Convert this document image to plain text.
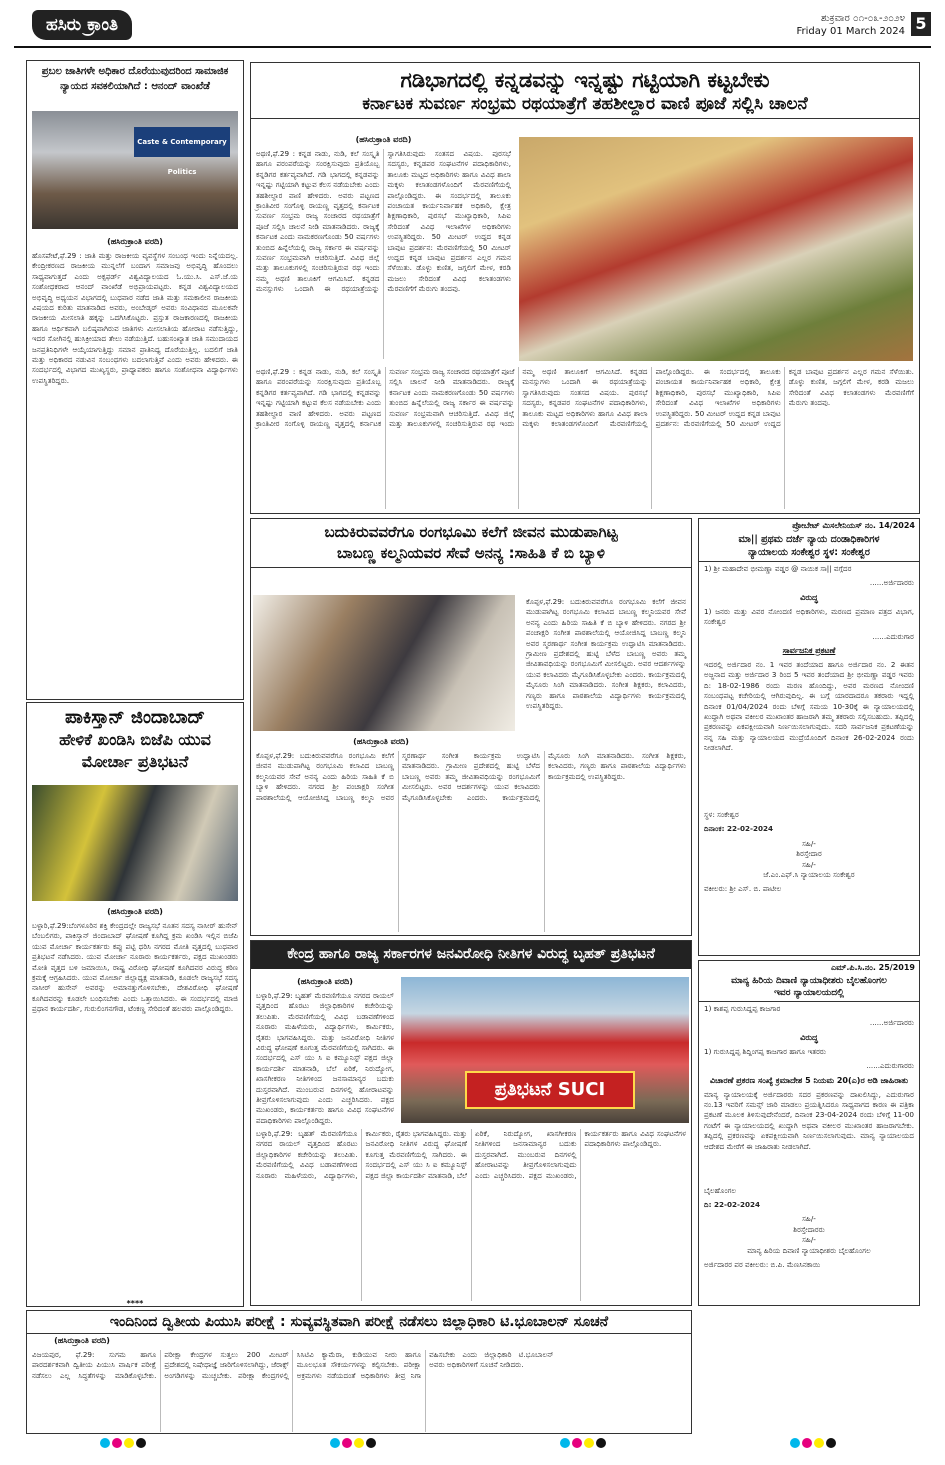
ಹಸಿರು ಕ್ರಾಂತಿ	ಶುಕ್ರವಾರ ೦೧-೦೩-೨೦೨೪
Friday 01 March 2024 5
ಪ್ರಬಲ ಜಾತಿಗಳೇ ಅಧಿಕಾರ ದೊರೆಯುವುದರಿಂದ ಸಾಮಾಜಿಕ ನ್ಯಾಯದ ಸವಕಲಿಯಾಗಿದೆ : ಆನಂದ್ ವಾಂಖೆಡೆ
Caste & Contemporary Politics
(ಹಸಿರುಕ್ರಾಂತಿ ವರದಿ)
ಹೊಸಪೇಟೆ,ಫೆ.29 : ಜಾತಿ ಮತ್ತು ರಾಜಕೀಯ ವ್ಯವಸ್ಥೆಗಳ ಸಂಬಂಧ ಇಂದು ನಿನ್ನೆಯದಲ್ಲ. ಕೇಂದ್ರೀಕರಣದ ರಾಜಕೀಯ ಮುನ್ನಲೆಗೆ ಬಂದಾಗ ಸಮಾಜವು ಅಭಿವೃದ್ಧಿ ಹೊಂದಲು ಸಾಧ್ಯವಾಗುತ್ತದೆ ಎಂದು ಅಕ್ಸಫರ್ಡ್ ವಿಶ್ವವಿದ್ಯಾಲಯದ ಓ.ಯು.ಸಿ. ಎಸ್.ಜೆ.ಯ ಸಂಶೋಧಕರಾದ ಆನಂದ್ ವಾಂಖೆಡೆ ಅಭಿಪ್ರಾಯಪಟ್ಟರು. ಕನ್ನಡ ವಿಶ್ವವಿದ್ಯಾಲಯದ ಅಭಿವೃದ್ಧಿ ಅಧ್ಯಯನ ವಿಭಾಗದಲ್ಲಿ ಬುಧವಾರ ನಡೆದ ಜಾತಿ ಮತ್ತು ಸಮಕಾಲೀನ ರಾಜಕೀಯ ವಿಷಯದ ಕುರಿತು ಮಾತನಾಡಿದ ಅವರು, ಅಂಬೇಡ್ಕರ್ ಅವರು ಸಂವಿಧಾನದ ಮೂಲಕವೇ ರಾಜಕೀಯ ಮೀಸಲಾತಿ ಹಕ್ಕನ್ನು ಒದಗಿಸಿಕೊಟ್ಟರು. ಪ್ರಸ್ತುತ ರಾಜಕಾರಣದಲ್ಲಿ ರಾಜಕೀಯ ಹಾಗೂ ಆರ್ಥಿಕವಾಗಿ ಬಲಿಷ್ಠವಾಗಿರುವ ಜಾತಿಗಳು ಮೀಸಲಾತಿಯ ಹೋರಾಟ ನಡೆಸುತ್ತಿದ್ದು, ಇದರ ಸೋಗಿನಲ್ಲಿ ಹುಸಿಕ್ರೀಯಾದ ತೇಲು ನಡೆಯುತ್ತಿದೆ. ಬಹುಸಂಖ್ಯಾತ ಜಾತಿ ಸಮುದಾಯದ ಜನಪ್ರತಿನಿಧಿಗಳೇ ಆಯ್ಕೆಯಾಗುತ್ತಿದ್ದು ಸಮಾನ ಪ್ರಾತಿನಿಧ್ಯ ದೊರೆಯುತ್ತಿಲ್ಲ. ಬದಲಿಗೆ ಜಾತಿ ಮತ್ತು ಅಧಿಕಾರದ ನಡುವಿನ ಸಂಬಂಧಗಳು ಬದಲಾಗುತ್ತಿವೆ ಎಂದು ಅವರು ಹೇಳಿದರು. ಈ ಸಂದರ್ಭದಲ್ಲಿ ವಿಭಾಗದ ಮುಖ್ಯಸ್ಥರು, ಪ್ರಾಧ್ಯಾಪಕರು ಹಾಗೂ ಸಂಶೋಧನಾ ವಿದ್ಯಾರ್ಥಿಗಳು ಉಪಸ್ಥಿತರಿದ್ದರು.
ಪಾಕಿಸ್ತಾನ್ ಜಿಂದಾಬಾದ್
ಹೇಳಿಕೆ ಖಂಡಿಸಿ ಬಿಜೆಪಿ ಯುವ
ಮೋರ್ಚಾ ಪ್ರತಿಭಟನೆ
(ಹಸಿರುಕ್ರಾಂತಿ ವರದಿ)
ಬಳ್ಳಾರಿ,ಫೆ.29:ಬೆಂಗಳೂರಿನ ಶಕ್ತಿ ಕೇಂದ್ರದಲ್ಲೇ ರಾಜ್ಯಸಭೆ ನೂತನ ಸದಸ್ಯ ನಾಸೀರ್ ಹುಸೇನ್ ಬೆಂಬಲಿಗರು, ಪಾಕಿಸ್ತಾನ್ ಜಿಂದಾಬಾದ್ ಘೋಷಣೆ ಕೂಗಿದ್ದ ಕ್ರಮ ಖಂಡಿಸಿ ಇಲ್ಲಿನ ಬಿಜೆಪಿ ಯುವ ಮೋರ್ಚಾ ಕಾರ್ಯಕರ್ತರು ಕಪ್ಪು ಪಟ್ಟಿ ಧರಿಸಿ ನಗರದ ಮೋತಿ ವೃತ್ತದಲ್ಲಿ ಬುಧವಾರ ಪ್ರತಿಭಟನೆ ನಡೆಸಿದರು. ಯುವ ಮೋರ್ಚಾ ನೂರಾರು ಕಾರ್ಯಕರ್ತರು, ಪಕ್ಷದ ಮುಖಂಡರು ಮೋತಿ ವೃತ್ತದ ಬಳಿ ಜಮಾಯಿಸಿ, ರಾಷ್ಟ್ರ ವಿರೋಧಿ ಘೋಷಣೆ ಕೂಗಿದವರ ವಿರುದ್ಧ ಕಠಿಣ ಕ್ರಮಕ್ಕೆ ಆಗ್ರಹಿಸಿದರು. ಯುವ ಮೋರ್ಚಾ ಜಿಲ್ಲಾಧ್ಯಕ್ಷ ಮಾತನಾಡಿ, ಕೂಡಲೇ ರಾಜ್ಯಸಭೆ ಸದಸ್ಯ ನಾಸೀರ್ ಹುಸೇನ್ ಅವರನ್ನು ಅಮಾನತ್ತುಗೊಳಿಸಬೇಕು, ದೇಶವಿರೋಧಿ ಘೋಷಣೆ ಕೂಗಿದವರನ್ನು ಕೂಡಲೇ ಬಂಧಿಸಬೇಕು ಎಂದು ಒತ್ತಾಯಿಸಿದರು. ಈ ಸಂದರ್ಭದಲ್ಲಿ ಮಾಜಿ ಪ್ರಧಾನ ಕಾರ್ಯದರ್ಶಿ, ಗುರುಲಿಂಗನಗೌಡ, ಟೆಂಕಣ್ಣ ಸೇರಿದಂತೆ ಹಲವರು ಪಾಲ್ಗೊಂಡಿದ್ದರು.
****
ಗಡಿಭಾಗದಲ್ಲಿ ಕನ್ನಡವನ್ನು ಇನ್ನಷ್ಟು ಗಟ್ಟಿಯಾಗಿ ಕಟ್ಟಬೇಕು
ಕರ್ನಾಟಕ ಸುವರ್ಣ ಸಂಭ್ರಮ ರಥಯಾತ್ರೆಗೆ ತಹಶೀಲ್ದಾರ ವಾಣಿ ಪೂಜೆ ಸಲ್ಲಿಸಿ ಚಾಲನೆ
(ಹಸಿರುಕ್ರಾಂತಿ ವರದಿ)
ಅಥಣಿ,ಫೆ.29 : ಕನ್ನಡ ನಾಡು, ನುಡಿ, ಕಲೆ ಸಂಸ್ಕೃತಿ ಹಾಗೂ ಪರಂಪರೆಯನ್ನು ಸಂರಕ್ಷಿಸುವುದು ಪ್ರತಿಯೊಬ್ಬ ಕನ್ನಡಿಗರ ಕರ್ತವ್ಯವಾಗಿದೆ. ಗಡಿ ಭಾಗದಲ್ಲಿ ಕನ್ನಡವನ್ನು ಇನ್ನಷ್ಟು ಗಟ್ಟಿಯಾಗಿ ಕಟ್ಟುವ ಕೆಲಸ ನಡೆಯಬೇಕು ಎಂದು ತಹಶೀಲ್ದಾರ ವಾಣಿ ಹೇಳಿದರು. ಅವರು ಪಟ್ಟಣದ ಕ್ರಾಂತಿವೀರ ಸಂಗೊಳ್ಳಿ ರಾಯಣ್ಣ ವೃತ್ತದಲ್ಲಿ ಕರ್ನಾಟಕ ಸುವರ್ಣ ಸಂಭ್ರಮ ರಾಜ್ಯ ಸಂಚಾರದ ರಥಯಾತ್ರೆಗೆ ಪೂಜೆ ಸಲ್ಲಿಸಿ ಚಾಲನೆ ನೀಡಿ ಮಾತನಾಡಿದರು. ರಾಜ್ಯಕ್ಕೆ ಕರ್ನಾಟಕ ಎಂದು ನಾಮಕರಣಗೊಂಡು 50 ವರ್ಷಗಳು ತುಂಬಿದ ಹಿನ್ನೆಲೆಯಲ್ಲಿ ರಾಜ್ಯ ಸರ್ಕಾರ ಈ ವರ್ಷವನ್ನು ಸುವರ್ಣ ಸಂಭ್ರಮವಾಗಿ ಆಚರಿಸುತ್ತಿದೆ. ವಿವಿಧ ಜಿಲ್ಲೆ ಮತ್ತು ತಾಲೂಕುಗಳಲ್ಲಿ ಸಂಚರಿಸುತ್ತಿರುವ ರಥ ಇಂದು ನಮ್ಮ ಅಥಣಿ ತಾಲೂಕಿಗೆ ಆಗಮಿಸಿದೆ. ಕನ್ನಡದ ಮನಸ್ಸುಗಳು ಒಂದಾಗಿ ಈ ರಥಯಾತ್ರೆಯನ್ನು ಸ್ವಾಗತಿಸಿರುವುದು ಸಂತಸದ ವಿಷಯ. ಪುರಸಭೆ ಸದಸ್ಯರು, ಕನ್ನಡಪರ ಸಂಘಟನೆಗಳ ಪದಾಧಿಕಾರಿಗಳು, ತಾಲೂಕು ಮಟ್ಟದ ಅಧಿಕಾರಿಗಳು ಹಾಗೂ ವಿವಿಧ ಶಾಲಾ ಮಕ್ಕಳು ಕಲಾತಂಡಗಳೊಂದಿಗೆ ಮೆರವಣಿಗೆಯಲ್ಲಿ ಪಾಲ್ಗೊಂಡಿದ್ದರು. ಈ ಸಂದರ್ಭದಲ್ಲಿ ತಾಲೂಕು ಪಂಚಾಯತ ಕಾರ್ಯನಿರ್ವಾಹಕ ಅಧಿಕಾರಿ, ಕ್ಷೇತ್ರ ಶಿಕ್ಷಣಾಧಿಕಾರಿ, ಪುರಸಭೆ ಮುಖ್ಯಾಧಿಕಾರಿ, ಸಿಪಿಐ ಸೇರಿದಂತೆ ವಿವಿಧ ಇಲಾಖೆಗಳ ಅಧಿಕಾರಿಗಳು ಉಪಸ್ಥಿತರಿದ್ದರು. 50 ಮೀಟರ್ ಉದ್ದದ ಕನ್ನಡ ಬಾವುಟ ಪ್ರದರ್ಶನ: ಮೆರವಣಿಗೆಯಲ್ಲಿ 50 ಮೀಟರ್ ಉದ್ದದ ಕನ್ನಡ ಬಾವುಟ ಪ್ರದರ್ಶನ ಎಲ್ಲರ ಗಮನ ಸೆಳೆಯಿತು. ಡೊಳ್ಳು ಕುಣಿತ, ಜಗ್ಗಲಿಗೆ ಮೇಳ, ಕರಡಿ ಮಜಲು ಸೇರಿದಂತೆ ವಿವಿಧ ಕಲಾತಂಡಗಳು ಮೆರವಣಿಗೆಗೆ ಮೆರುಗು ತಂದವು.
ಅಥಣಿ,ಫೆ.29 : ಕನ್ನಡ ನಾಡು, ನುಡಿ, ಕಲೆ ಸಂಸ್ಕೃತಿ ಹಾಗೂ ಪರಂಪರೆಯನ್ನು ಸಂರಕ್ಷಿಸುವುದು ಪ್ರತಿಯೊಬ್ಬ ಕನ್ನಡಿಗರ ಕರ್ತವ್ಯವಾಗಿದೆ. ಗಡಿ ಭಾಗದಲ್ಲಿ ಕನ್ನಡವನ್ನು ಇನ್ನಷ್ಟು ಗಟ್ಟಿಯಾಗಿ ಕಟ್ಟುವ ಕೆಲಸ ನಡೆಯಬೇಕು ಎಂದು ತಹಶೀಲ್ದಾರ ವಾಣಿ ಹೇಳಿದರು. ಅವರು ಪಟ್ಟಣದ ಕ್ರಾಂತಿವೀರ ಸಂಗೊಳ್ಳಿ ರಾಯಣ್ಣ ವೃತ್ತದಲ್ಲಿ ಕರ್ನಾಟಕ ಸುವರ್ಣ ಸಂಭ್ರಮ ರಾಜ್ಯ ಸಂಚಾರದ ರಥಯಾತ್ರೆಗೆ ಪೂಜೆ ಸಲ್ಲಿಸಿ ಚಾಲನೆ ನೀಡಿ ಮಾತನಾಡಿದರು. ರಾಜ್ಯಕ್ಕೆ ಕರ್ನಾಟಕ ಎಂದು ನಾಮಕರಣಗೊಂಡು 50 ವರ್ಷಗಳು ತುಂಬಿದ ಹಿನ್ನೆಲೆಯಲ್ಲಿ ರಾಜ್ಯ ಸರ್ಕಾರ ಈ ವರ್ಷವನ್ನು ಸುವರ್ಣ ಸಂಭ್ರಮವಾಗಿ ಆಚರಿಸುತ್ತಿದೆ. ವಿವಿಧ ಜಿಲ್ಲೆ ಮತ್ತು ತಾಲೂಕುಗಳಲ್ಲಿ ಸಂಚರಿಸುತ್ತಿರುವ ರಥ ಇಂದು ನಮ್ಮ ಅಥಣಿ ತಾಲೂಕಿಗೆ ಆಗಮಿಸಿದೆ. ಕನ್ನಡದ ಮನಸ್ಸುಗಳು ಒಂದಾಗಿ ಈ ರಥಯಾತ್ರೆಯನ್ನು ಸ್ವಾಗತಿಸಿರುವುದು ಸಂತಸದ ವಿಷಯ. ಪುರಸಭೆ ಸದಸ್ಯರು, ಕನ್ನಡಪರ ಸಂಘಟನೆಗಳ ಪದಾಧಿಕಾರಿಗಳು, ತಾಲೂಕು ಮಟ್ಟದ ಅಧಿಕಾರಿಗಳು ಹಾಗೂ ವಿವಿಧ ಶಾಲಾ ಮಕ್ಕಳು ಕಲಾತಂಡಗಳೊಂದಿಗೆ ಮೆರವಣಿಗೆಯಲ್ಲಿ ಪಾಲ್ಗೊಂಡಿದ್ದರು. ಈ ಸಂದರ್ಭದಲ್ಲಿ ತಾಲೂಕು ಪಂಚಾಯತ ಕಾರ್ಯನಿರ್ವಾಹಕ ಅಧಿಕಾರಿ, ಕ್ಷೇತ್ರ ಶಿಕ್ಷಣಾಧಿಕಾರಿ, ಪುರಸಭೆ ಮುಖ್ಯಾಧಿಕಾರಿ, ಸಿಪಿಐ ಸೇರಿದಂತೆ ವಿವಿಧ ಇಲಾಖೆಗಳ ಅಧಿಕಾರಿಗಳು ಉಪಸ್ಥಿತರಿದ್ದರು. 50 ಮೀಟರ್ ಉದ್ದದ ಕನ್ನಡ ಬಾವುಟ ಪ್ರದರ್ಶನ: ಮೆರವಣಿಗೆಯಲ್ಲಿ 50 ಮೀಟರ್ ಉದ್ದದ ಕನ್ನಡ ಬಾವುಟ ಪ್ರದರ್ಶನ ಎಲ್ಲರ ಗಮನ ಸೆಳೆಯಿತು. ಡೊಳ್ಳು ಕುಣಿತ, ಜಗ್ಗಲಿಗೆ ಮೇಳ, ಕರಡಿ ಮಜಲು ಸೇರಿದಂತೆ ವಿವಿಧ ಕಲಾತಂಡಗಳು ಮೆರವಣಿಗೆಗೆ ಮೆರುಗು ತಂದವು.
ಬದುಕಿರುವವರೆಗೂ ರಂಗಭೂಮಿ ಕಲೆಗೆ ಜೀವನ ಮುಡುಪಾಗಿಟ್ಟ
ಬಾಬಣ್ಣ ಕಲ್ಮನಿಯವರ ಸೇವೆ ಅನನ್ಯ :ಸಾಹಿತಿ ಕೆ ಬಿ ಬ್ಯಾಳಿ
ಕೊಪ್ಪಳ,ಫೆ.29: ಬದುಕಿರುವವರೆಗೂ ರಂಗಭೂಮಿ ಕಲೆಗೆ ಜೀವನ ಮುಡುಪಾಗಿಟ್ಟ ರಂಗಭೂಮಿ ಕಲಾವಿದ ಬಾಬಣ್ಣ ಕಲ್ಮನಿಯವರ ಸೇವೆ ಅನನ್ಯ ಎಂದು ಹಿರಿಯ ಸಾಹಿತಿ ಕೆ ಬಿ ಬ್ಯಾಳಿ ಹೇಳಿದರು. ನಗರದ ಶ್ರೀ ಪಂಚಾಕ್ಷರಿ ಸಂಗೀತ ಪಾಠಶಾಲೆಯಲ್ಲಿ ಆಯೋಜಿಸಿದ್ದ ಬಾಬಣ್ಣ ಕಲ್ಮನಿ ಅವರ ಸ್ಮರಣಾರ್ಥ ಸಂಗೀತ ಕಾರ್ಯಕ್ರಮ ಉದ್ಘಾಟಿಸಿ ಮಾತನಾಡಿದರು. ಗ್ರಾಮೀಣ ಪ್ರದೇಶದಲ್ಲಿ ಹುಟ್ಟಿ ಬೆಳೆದ ಬಾಬಣ್ಣ ಅವರು ತಮ್ಮ ಜೀವಿತಾವಧಿಯನ್ನು ರಂಗಭೂಮಿಗೆ ಮೀಸಲಿಟ್ಟರು. ಅವರ ಆದರ್ಶಗಳನ್ನು ಯುವ ಕಲಾವಿದರು ಮೈಗೂಡಿಸಿಕೊಳ್ಳಬೇಕು ಎಂದರು. ಕಾರ್ಯಕ್ರಮದಲ್ಲಿ ಮೈಸೂರು ಸಿಂಗಿ ಮಾತನಾಡಿದರು. ಸಂಗೀತ ಶಿಕ್ಷಕರು, ಕಲಾವಿದರು, ಗಣ್ಯರು ಹಾಗೂ ಪಾಠಶಾಲೆಯ ವಿದ್ಯಾರ್ಥಿಗಳು ಕಾರ್ಯಕ್ರಮದಲ್ಲಿ ಉಪಸ್ಥಿತರಿದ್ದರು.
(ಹಸಿರುಕ್ರಾಂತಿ ವರದಿ)
ಕೊಪ್ಪಳ,ಫೆ.29: ಬದುಕಿರುವವರೆಗೂ ರಂಗಭೂಮಿ ಕಲೆಗೆ ಜೀವನ ಮುಡುಪಾಗಿಟ್ಟ ರಂಗಭೂಮಿ ಕಲಾವಿದ ಬಾಬಣ್ಣ ಕಲ್ಮನಿಯವರ ಸೇವೆ ಅನನ್ಯ ಎಂದು ಹಿರಿಯ ಸಾಹಿತಿ ಕೆ ಬಿ ಬ್ಯಾಳಿ ಹೇಳಿದರು. ನಗರದ ಶ್ರೀ ಪಂಚಾಕ್ಷರಿ ಸಂಗೀತ ಪಾಠಶಾಲೆಯಲ್ಲಿ ಆಯೋಜಿಸಿದ್ದ ಬಾಬಣ್ಣ ಕಲ್ಮನಿ ಅವರ ಸ್ಮರಣಾರ್ಥ ಸಂಗೀತ ಕಾರ್ಯಕ್ರಮ ಉದ್ಘಾಟಿಸಿ ಮಾತನಾಡಿದರು. ಗ್ರಾಮೀಣ ಪ್ರದೇಶದಲ್ಲಿ ಹುಟ್ಟಿ ಬೆಳೆದ ಬಾಬಣ್ಣ ಅವರು ತಮ್ಮ ಜೀವಿತಾವಧಿಯನ್ನು ರಂಗಭೂಮಿಗೆ ಮೀಸಲಿಟ್ಟರು. ಅವರ ಆದರ್ಶಗಳನ್ನು ಯುವ ಕಲಾವಿದರು ಮೈಗೂಡಿಸಿಕೊಳ್ಳಬೇಕು ಎಂದರು. ಕಾರ್ಯಕ್ರಮದಲ್ಲಿ ಮೈಸೂರು ಸಿಂಗಿ ಮಾತನಾಡಿದರು. ಸಂಗೀತ ಶಿಕ್ಷಕರು, ಕಲಾವಿದರು, ಗಣ್ಯರು ಹಾಗೂ ಪಾಠಶಾಲೆಯ ವಿದ್ಯಾರ್ಥಿಗಳು ಕಾರ್ಯಕ್ರಮದಲ್ಲಿ ಉಪಸ್ಥಿತರಿದ್ದರು.
ಕೇಂದ್ರ ಹಾಗೂ ರಾಜ್ಯ ಸರ್ಕಾರಗಳ ಜನವಿರೋಧಿ ನೀತಿಗಳ ವಿರುದ್ಧ ಬೃಹತ್ ಪ್ರತಿಭಟನೆ
(ಹಸಿರುಕ್ರಾಂತಿ ವರದಿ)
ಪ್ರತಿಭಟನೆ SUCI
ಬಳ್ಳಾರಿ,ಫೆ.29: ಬೃಹತ್ ಮೆರವಣಿಗೆಯೂ ನಗರದ ರಾಯಲ್ ವೃತ್ತದಿಂದ ಹೊರಟು ಜಿಲ್ಲಾಧಿಕಾರಿಗಳ ಕಚೇರಿಯನ್ನು ತಲುಪಿತು. ಮೆರವಣಿಗೆಯಲ್ಲಿ ವಿವಿಧ ಬಡಾವಣೆಗಳಿಂದ ನೂರಾರು ಮಹಿಳೆಯರು, ವಿದ್ಯಾರ್ಥಿಗಳು, ಕಾರ್ಮಿಕರು, ರೈತರು ಭಾಗವಹಿಸಿದ್ದರು. ಮತ್ತು ಜನವಿರೋಧಿ ನೀತಿಗಳ ವಿರುದ್ಧ ಘೋಷಣೆ ಕೂಗುತ್ತ ಮೆರವಣಿಗೆಯಲ್ಲಿ ಸಾಗಿದರು. ಈ ಸಂದರ್ಭದಲ್ಲಿ ಎಸ್ ಯು ಸಿ ಐ ಕಮ್ಯೂನಿಸ್ಟ್ ಪಕ್ಷದ ಜಿಲ್ಲಾ ಕಾರ್ಯದರ್ಶಿ ಮಾತನಾಡಿ, ಬೆಲೆ ಏರಿಕೆ, ನಿರುದ್ಯೋಗ, ಖಾಸಗೀಕರಣ ನೀತಿಗಳಿಂದ ಜನಸಾಮಾನ್ಯರ ಬದುಕು ದುಸ್ತರವಾಗಿದೆ. ಮುಂಬರುವ ದಿನಗಳಲ್ಲಿ ಹೋರಾಟವನ್ನು ತೀವ್ರಗೊಳಿಸಲಾಗುವುದು ಎಂದು ಎಚ್ಚರಿಸಿದರು. ಪಕ್ಷದ ಮುಖಂಡರು, ಕಾರ್ಯಕರ್ತರು ಹಾಗೂ ವಿವಿಧ ಸಂಘಟನೆಗಳ ಪದಾಧಿಕಾರಿಗಳು ಪಾಲ್ಗೊಂಡಿದ್ದರು.
ಬಳ್ಳಾರಿ,ಫೆ.29: ಬೃಹತ್ ಮೆರವಣಿಗೆಯೂ ನಗರದ ರಾಯಲ್ ವೃತ್ತದಿಂದ ಹೊರಟು ಜಿಲ್ಲಾಧಿಕಾರಿಗಳ ಕಚೇರಿಯನ್ನು ತಲುಪಿತು. ಮೆರವಣಿಗೆಯಲ್ಲಿ ವಿವಿಧ ಬಡಾವಣೆಗಳಿಂದ ನೂರಾರು ಮಹಿಳೆಯರು, ವಿದ್ಯಾರ್ಥಿಗಳು, ಕಾರ್ಮಿಕರು, ರೈತರು ಭಾಗವಹಿಸಿದ್ದರು. ಮತ್ತು ಜನವಿರೋಧಿ ನೀತಿಗಳ ವಿರುದ್ಧ ಘೋಷಣೆ ಕೂಗುತ್ತ ಮೆರವಣಿಗೆಯಲ್ಲಿ ಸಾಗಿದರು. ಈ ಸಂದರ್ಭದಲ್ಲಿ ಎಸ್ ಯು ಸಿ ಐ ಕಮ್ಯೂನಿಸ್ಟ್ ಪಕ್ಷದ ಜಿಲ್ಲಾ ಕಾರ್ಯದರ್ಶಿ ಮಾತನಾಡಿ, ಬೆಲೆ ಏರಿಕೆ, ನಿರುದ್ಯೋಗ, ಖಾಸಗೀಕರಣ ನೀತಿಗಳಿಂದ ಜನಸಾಮಾನ್ಯರ ಬದುಕು ದುಸ್ತರವಾಗಿದೆ. ಮುಂಬರುವ ದಿನಗಳಲ್ಲಿ ಹೋರಾಟವನ್ನು ತೀವ್ರಗೊಳಿಸಲಾಗುವುದು ಎಂದು ಎಚ್ಚರಿಸಿದರು. ಪಕ್ಷದ ಮುಖಂಡರು, ಕಾರ್ಯಕರ್ತರು ಹಾಗೂ ವಿವಿಧ ಸಂಘಟನೆಗಳ ಪದಾಧಿಕಾರಿಗಳು ಪಾಲ್ಗೊಂಡಿದ್ದರು.
ಪ್ರೋಬೇಟ್ ಮಿಸಲೇನಿಯಸ್ ನಂ. 14/2024
ಮಾ|| ಪ್ರಥಮ ದರ್ಜೆ ನ್ಯಾಯ ದಂಡಾಧಿಕಾರಿಗಳ
ನ್ಯಾಯಾಲಯ ಸಂಕೇಶ್ವರ ಸ್ಥಳ: ಸಂಕೇಶ್ವರ
1) ಶ್ರೀ ಮಹಾದೇವ ಭೀಮಣ್ಣಾ ವಡ್ಡರ @ ನಾಯಿಕ ಸಾ|| ವಗ್ಗೆದರ
......ಅರ್ಜಿದಾರರು
ವಿರುದ್ಧ
1) ಜನರು ಮತ್ತು ವಿವರ ನೋಂದಣಿ ಅಧಿಕಾರಿಗಳು, ಮರಣದ ಪ್ರಮಾಣ ಪತ್ರದ ವಿಭಾಗ, ಸಂಕೇಶ್ವರ
......ಎದುರುಗಾರ
ಸಾರ್ವಜನಿಕ ಪ್ರಕಟಣೆ
ಇದರಲ್ಲಿ ಅರ್ಜಿದಾರ ನಂ. 1 ಇವರ ತಂದೆಯಾದ ಹಾಗೂ ಅರ್ಜಿದಾರ ನಂ. 2 ಈತನ ಅಜ್ಜನಾದ ಮತ್ತು ಅರ್ಜಿದಾರ 3 ರಿಂದ 5 ಇವರ ತಂದೆಯಾದ ಶ್ರೀ ಭೀಮಣ್ಣಾ ವಡ್ಡರ ಇವರು ದಿ: 18-02-1986 ರಂದು ಮರಣ ಹೊಂದಿದ್ದು, ಅವರ ಮರಣದ ನೋಂದಣಿ ಸಂಬಂಧಪಟ್ಟ ಕಚೇರಿಯಲ್ಲಿ ಆಗಿರುವುದಿಲ್ಲ. ಈ ಬಗ್ಗೆ ಯಾರದಾದರೂ ತಕರಾರು ಇದ್ದಲ್ಲಿ ದಿನಾಂಕ 01/04/2024 ರಂದು ಬೆಳಿಗ್ಗೆ ಸಮಯ 10-30ಕ್ಕೆ ಈ ನ್ಯಾಯಾಲಯದಲ್ಲಿ ಖುದ್ದಾಗಿ ಅಥವಾ ವಕೀಲರ ಮುಖಾಂತರ ಹಾಜರಾಗಿ ತಮ್ಮ ತಕರಾರು ಸಲ್ಲಿಸಬಹುದು. ತಪ್ಪಿದಲ್ಲಿ ಪ್ರಕರಣವನ್ನು ಏಕಪಕ್ಷೀಯವಾಗಿ ನಿರ್ಣಯಿಸಲಾಗುವುದು. ಸದರಿ ಸಾರ್ವಜನಿಕ ಪ್ರಕಟಣೆಯನ್ನು ನನ್ನ ಸಹಿ ಮತ್ತು ನ್ಯಾಯಾಲಯದ ಮುದ್ರೆಯೊಂದಿಗೆ ದಿನಾಂಕ 26-02-2024 ರಂದು ನೀಡಲಾಗಿದೆ.
ಸ್ಥಳ: ಸಂಕೇಶ್ವರ
ದಿನಾಂಕ: 22-02-2024
ಸಹಿ/-
ಶಿರಸ್ತೇದಾರ
ಸಹಿ/-
ಜೆ.ಎಂ.ಎಫ್.ಸಿ ನ್ಯಾಯಾಲಯ ಸಂಕೇಶ್ವರ
ವಕೀಲರು: ಶ್ರೀ ಎಸ್. ಬಿ. ಪಾಟೀಲ
ಎಮ್.ಪಿ.ಸಿ.ನಂ. 25/2019
ಮಾನ್ಯ ಹಿರಿಯ ದಿವಾಣಿ ನ್ಯಾಯಾಧೀಶರು ಬೈಲಹೊಂಗಲ
ಇವರ ನ್ಯಾಯಾಲಯದಲ್ಲಿ
1) ಕಾಶಪ್ಪ ಗುರುಸಿದ್ದಪ್ಪ ಕಾಜಗಾರ
......ಅರ್ಜಿದಾರರು
ವಿರುದ್ಧ
1) ಗುರುಸಿದ್ದಪ್ಪ ಶಿದ್ದಿಂಗಪ್ಪ ಕಾಜಗಾರ ಹಾಗೂ ಇತರರು
......ಎದುರುಗಾರರು
ವಿಚಾರಣೆ ಪ್ರಕರಣ ಸಂಖ್ಯೆ ಕ್ರಮಾದೇಶ 5 ನಿಯಮ 20(ಎ)ರ ಅಡಿ ಜಾಹಿರಾತು
ಮಾನ್ಯ ನ್ಯಾಯಾಲಯಕ್ಕೆ ಅರ್ಜಿದಾರರು ಸದರ ಪ್ರಕರಣವನ್ನು ದಾಖಲಿಸಿದ್ದು, ಎದುರುಗಾರ ನಂ.13 ಇವರಿಗೆ ಸಮನ್ಸ್ ಜಾರಿ ಮಾಡಲು ಪ್ರಯತ್ನಿಸಿದರೂ ಸಾಧ್ಯವಾಗದ ಕಾರಣ ಈ ಪತ್ರಿಕಾ ಪ್ರಕಟಣೆ ಮೂಲಕ ತಿಳಿಸುವುದೇನೆಂದರೆ, ದಿನಾಂಕ 23-04-2024 ರಂದು ಬೆಳಿಗ್ಗೆ 11-00 ಗಂಟೆಗೆ ಈ ನ್ಯಾಯಾಲಯದಲ್ಲಿ ಖುದ್ದಾಗಿ ಅಥವಾ ವಕೀಲರ ಮುಖಾಂತರ ಹಾಜರಾಗಬೇಕು. ತಪ್ಪಿದಲ್ಲಿ ಪ್ರಕರಣವನ್ನು ಏಕಪಕ್ಷೀಯವಾಗಿ ನಿರ್ಣಯಿಸಲಾಗುವುದು. ಮಾನ್ಯ ನ್ಯಾಯಾಲಯದ ಆದೇಶದ ಮೇರೆಗೆ ಈ ಜಾಹಿರಾತು ನೀಡಲಾಗಿದೆ.
ಬೈಲಹೊಂಗಲ
ದಿ: 22-02-2024
ಸಹಿ/-
ಶಿರಸ್ತೇದಾರರು
ಸಹಿ/-
ಮಾನ್ಯ ಹಿರಿಯ ದಿವಾಣಿ ನ್ಯಾಯಾಧೀಶರು ಬೈಲಹೊಂಗಲ
ಅರ್ಜಿದಾರರ ಪರ ವಕೀಲರು: ಬಿ.ಪಿ. ಮೆಣಸಿನಕಾಯಿ
ಇಂದಿನಿಂದ ದ್ವಿತೀಯ ಪಿಯುಸಿ ಪರೀಕ್ಷೆ : ಸುವ್ಯವಸ್ಥಿತವಾಗಿ ಪರೀಕ್ಷೆ ನಡೆಸಲು ಜಿಲ್ಲಾಧಿಕಾರಿ ಟಿ.ಭೂಬಾಲನ್ ಸೂಚನೆ
(ಹಸಿರುಕ್ರಾಂತಿ ವರದಿ)
ವಿಜಯಪುರ, ಫೆ.29: ಸುಗಮ ಹಾಗೂ ಪಾರದರ್ಶಕವಾಗಿ ದ್ವಿತೀಯ ಪಿಯುಸಿ ವಾರ್ಷಿಕ ಪರೀಕ್ಷೆ ನಡೆಸಲು ಎಲ್ಲ ಸಿದ್ಧತೆಗಳನ್ನು ಮಾಡಿಕೊಳ್ಳಬೇಕು. ಪರೀಕ್ಷಾ ಕೇಂದ್ರಗಳ ಸುತ್ತಲು 200 ಮೀಟರ್ ಪ್ರದೇಶದಲ್ಲಿ ನಿಷೇಧಾಜ್ಞೆ ಜಾರಿಗೊಳಿಸಲಾಗಿದ್ದು, ಜೆರಾಕ್ಸ್ ಅಂಗಡಿಗಳನ್ನು ಮುಚ್ಚಬೇಕು. ಪರೀಕ್ಷಾ ಕೇಂದ್ರಗಳಲ್ಲಿ ಸಿಸಿಟಿವಿ ಕ್ಯಾಮೆರಾ, ಕುಡಿಯುವ ನೀರು ಹಾಗೂ ಮೂಲಭೂತ ಸೌಕರ್ಯಗಳನ್ನು ಕಲ್ಪಿಸಬೇಕು. ಪರೀಕ್ಷಾ ಅಕ್ರಮಗಳು ನಡೆಯದಂತೆ ಅಧಿಕಾರಿಗಳು ತೀವ್ರ ನಿಗಾ ವಹಿಸಬೇಕು ಎಂದು ಜಿಲ್ಲಾಧಿಕಾರಿ ಟಿ.ಭೂಬಾಲನ್ ಅವರು ಅಧಿಕಾರಿಗಳಿಗೆ ಸೂಚನೆ ನೀಡಿದರು.
